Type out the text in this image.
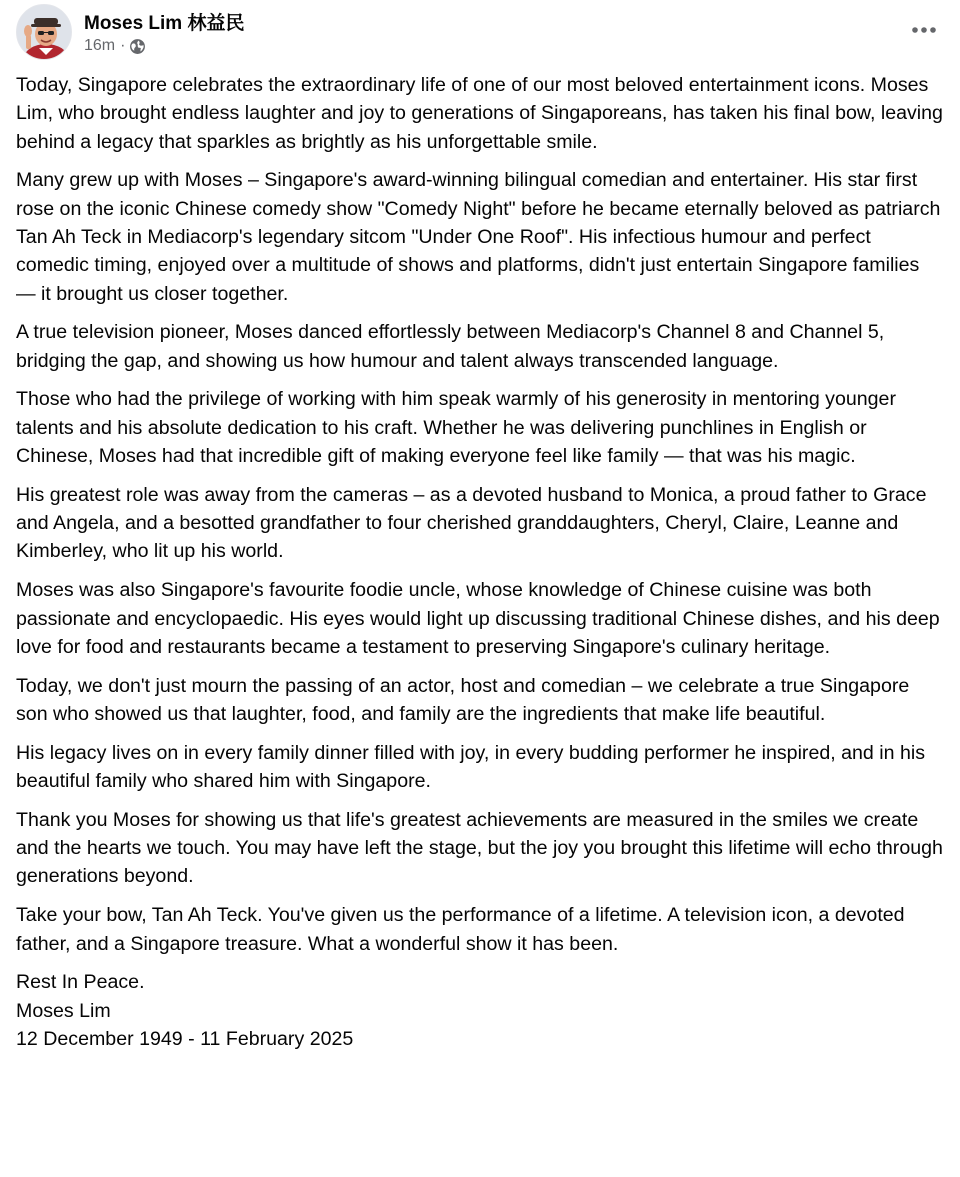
Moses Lim 林益民
16m ·

Today, Singapore celebrates the extraordinary life of one of our most beloved entertainment icons. Moses Lim, who brought endless laughter and joy to generations of Singaporeans, has taken his final bow, leaving behind a legacy that sparkles as brightly as his unforgettable smile.

Many grew up with Moses – Singapore's award-winning bilingual comedian and entertainer. His star first rose on the iconic Chinese comedy show "Comedy Night" before he became eternally beloved as patriarch Tan Ah Teck in Mediacorp's legendary sitcom "Under One Roof". His infectious humour and perfect comedic timing, enjoyed over a multitude of shows and platforms, didn't just entertain Singapore families — it brought us closer together.

A true television pioneer, Moses danced effortlessly between Mediacorp's Channel 8 and Channel 5, bridging the gap, and showing us how humour and talent always transcended language.

Those who had the privilege of working with him speak warmly of his generosity in mentoring younger talents and his absolute dedication to his craft. Whether he was delivering punchlines in English or Chinese, Moses had that incredible gift of making everyone feel like family — that was his magic.

His greatest role was away from the cameras – as a devoted husband to Monica, a proud father to Grace and Angela, and a besotted grandfather to four cherished granddaughters, Cheryl, Claire, Leanne and Kimberley, who lit up his world.

Moses was also Singapore's favourite foodie uncle, whose knowledge of Chinese cuisine was both passionate and encyclopaedic. His eyes would light up discussing traditional Chinese dishes, and his deep love for food and restaurants became a testament to preserving Singapore's culinary heritage.

Today, we don't just mourn the passing of an actor, host and comedian – we celebrate a true Singapore son who showed us that laughter, food, and family are the ingredients that make life beautiful.

His legacy lives on in every family dinner filled with joy, in every budding performer he inspired, and in his beautiful family who shared him with Singapore.

Thank you Moses for showing us that life's greatest achievements are measured in the smiles we create and the hearts we touch. You may have left the stage, but the joy you brought this lifetime will echo through generations beyond.

Take your bow, Tan Ah Teck. You've given us the performance of a lifetime. A television icon, a devoted father, and a Singapore treasure. What a wonderful show it has been.

Rest In Peace.

Moses Lim

12 December 1949 - 11 February 2025
